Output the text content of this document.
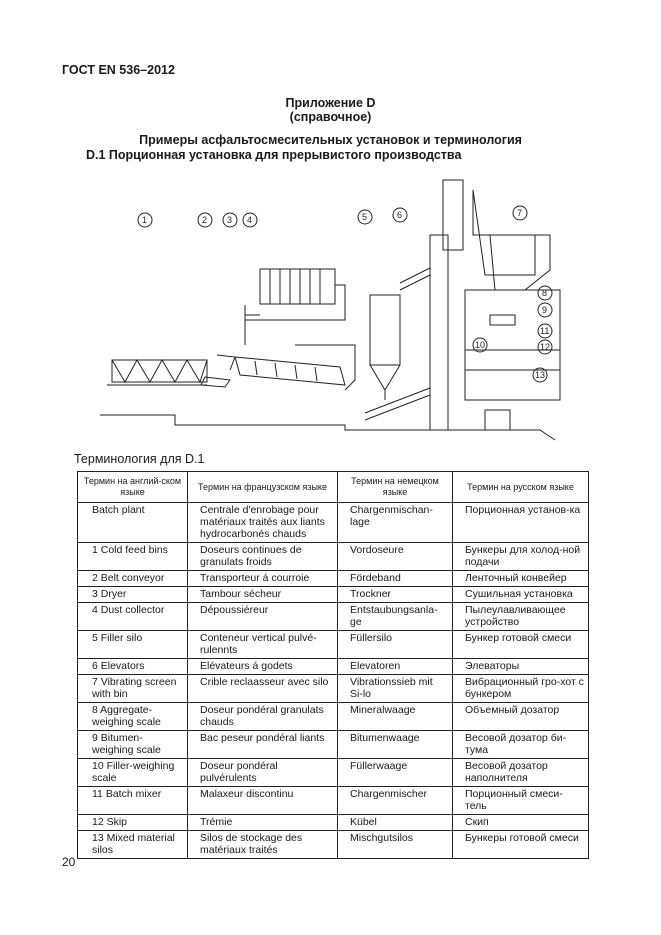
ГОСТ EN 536–2012
Приложение D
(справочное)
Примеры асфальтосмесительных установок и терминология
D.1 Порционная установка для прерывистого производства
1	2 3 4	5	6	7
8
9
10
11
12
13
Терминология для D.1
Термин на англий-ском языке	Термин на французском языке	Термин на немецком языке	Термин на русском языке
Batch plant	Centrale d'enrobage pour matériaux traités aux liants hydrocarbonés chauds	Chargenmischan-lage	Порционная установ-ка
1 Cold feed bins	Doseurs continues de granulats froids	Vordoseure	Бункеры для холод-ной подачи
2 Belt conveyor	Transporteur á courroie	Fördeband	Ленточный конвейер
3 Dryer	Tambour sécheur	Trockner	Сушильная установка
4 Dust collector	Dépoussiéreur	Entstaubungsanla-ge	Пылеулавливающее устройство
5 Filler silo	Conteneur vertical pulvé-rulennts	Füllersilo	Бункер готовой смеси
6 Elevators	Elévateurs á godets	Elevatoren	Элеваторы
7 Vibrating screen with bin	Crible reclaasseur avec silo	Vibrationssieb mit Si-lo	Вибрационный гро-хот с бункером
8 Aggregate-weighing scale	Doseur pondéral granulats chauds	Mineralwaage	Объемный дозатор
9 Bitumen-weighing scale	Bac peseur pondéral liants	Bitumenwaage	Весовой дозатор би-тума
10 Filler-weighing scale	Doseur pondéral pulvérulents	Füllerwaage	Весовой дозатор наполнителя
11 Batch mixer	Malaxeur discontinu	Chargenmischer	Порционный смеси-тель
12 Skip	Trémie	Kübel	Скип
13 Mixed material silos	Silos de stockage des matériaux traités	Mischgutsilos	Бункеры готовой смеси
20
